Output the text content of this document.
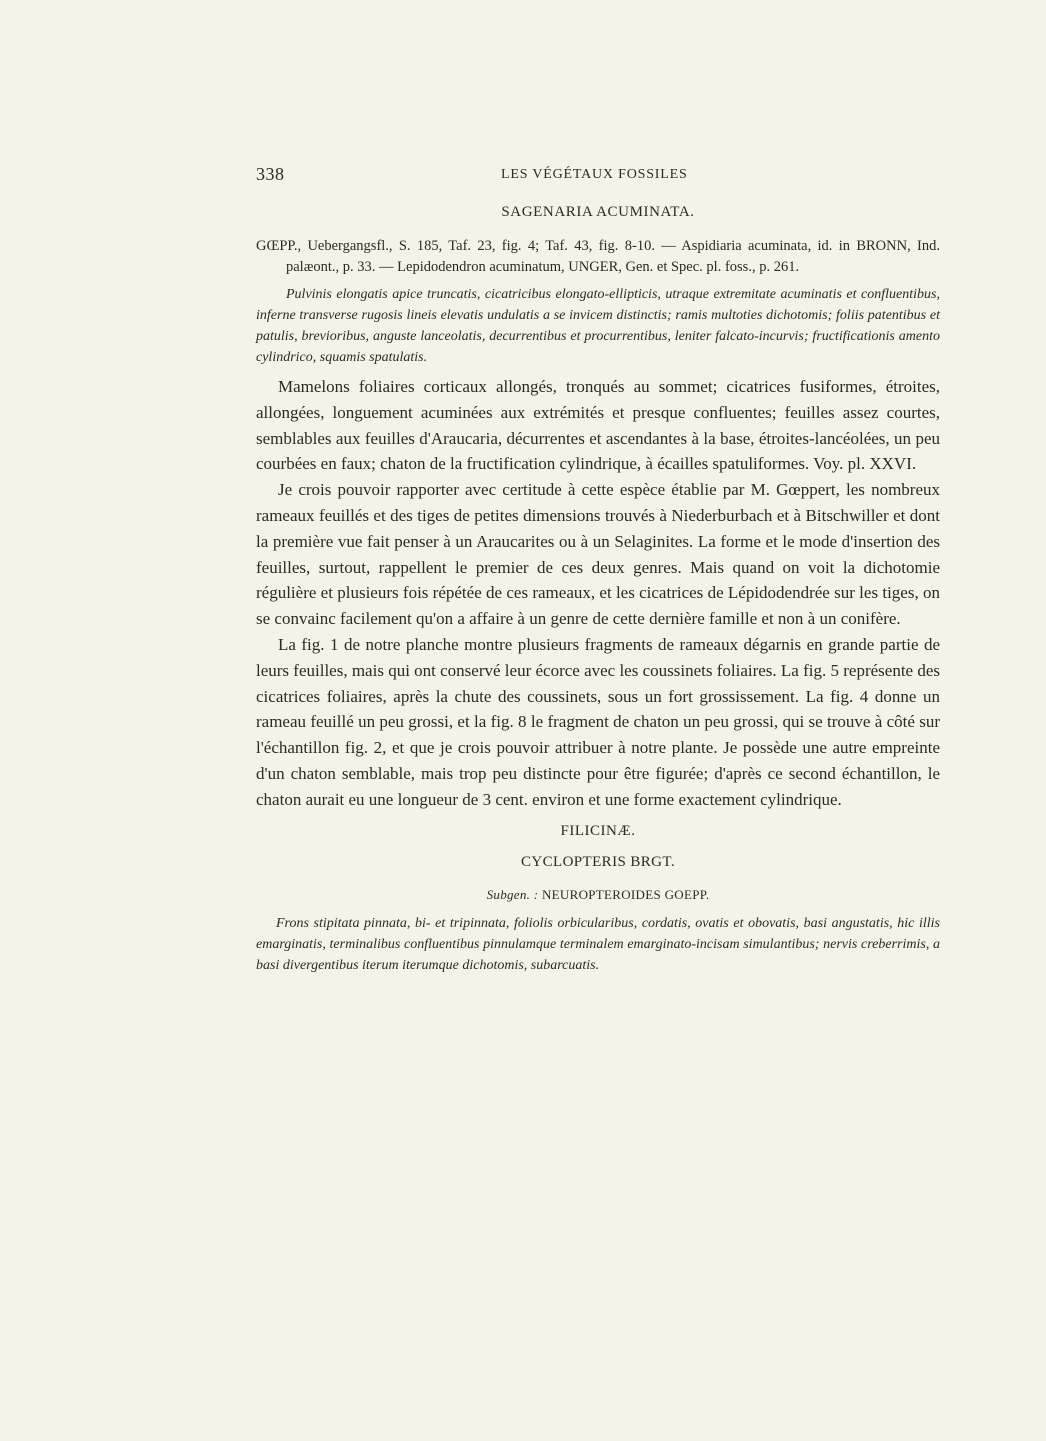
338	LES VÉGÉTAUX FOSSILES
SAGENARIA ACUMINATA.
GŒPP., Uebergangsfl., S. 185, Taf. 23, fig. 4; Taf. 43, fig. 8-10. — Aspidiaria acuminata, id. in BRONN, Ind. palæont., p. 33. — Lepidodendron acuminatum, UNGER, Gen. et Spec. pl. foss., p. 261.
Pulvinis elongatis apice truncatis, cicatricibus elongato-ellipticis, utraque extremitate acuminatis et confluentibus, inferne transverse rugosis lineis elevatis undulatis a se invicem distinctis; ramis multoties dichotomis; foliis patentibus et patulis, brevioribus, anguste lanceolatis, decurrentibus et procurrentibus, leniter falcato-incurvis; fructificationis amento cylindrico, squamis spatulatis.

Mamelons foliaires corticaux allongés, tronqués au sommet; cicatrices fusiformes, étroites, allongées, longuement acuminées aux extrémités et presque confluentes; feuilles assez courtes, semblables aux feuilles d'Araucaria, décurrentes et ascendantes à la base, étroites-lancéolées, un peu courbées en faux; chaton de la fructification cylindrique, à écailles spatuliformes. Voy. pl. XXVI.

Je crois pouvoir rapporter avec certitude à cette espèce établie par M. Gœppert, les nombreux rameaux feuillés et des tiges de petites dimensions trouvés à Niederburbach et à Bitschwiller et dont la première vue fait penser à un Araucarites ou à un Selaginites. La forme et le mode d'insertion des feuilles, surtout, rappellent le premier de ces deux genres. Mais quand on voit la dichotomie régulière et plusieurs fois répétée de ces rameaux, et les cicatrices de Lépidodendrée sur les tiges, on se convainc facilement qu'on a affaire à un genre de cette dernière famille et non à un conifère.

La fig. 1 de notre planche montre plusieurs fragments de rameaux dégarnis en grande partie de leurs feuilles, mais qui ont conservé leur écorce avec les coussinets foliaires. La fig. 5 représente des cicatrices foliaires, après la chute des coussinets, sous un fort grossissement. La fig. 4 donne un rameau feuillé un peu grossi, et la fig. 8 le fragment de chaton un peu grossi, qui se trouve à côté sur l'échantillon fig. 2, et que je crois pouvoir attribuer à notre plante. Je possède une autre empreinte d'un chaton semblable, mais trop peu distincte pour être figurée; d'après ce second échantillon, le chaton aurait eu une longueur de 3 cent. environ et une forme exactement cylindrique.

FILICINÆ.
CYCLOPTERIS BRGT.
Subgen. : NEUROPTEROIDES GOEPP.
Frons stipitata pinnata, bi- et tripinnata, foliolis orbicularibus, cordatis, ovatis et obovatis, basi angustatis, hic illis emarginatis, terminalibus confluentibus pinnulamque terminalem emarginato-incisam simulantibus; nervis creberrimis, a basi divergentibus iterum iterumque dichotomis, subarcuatis.
